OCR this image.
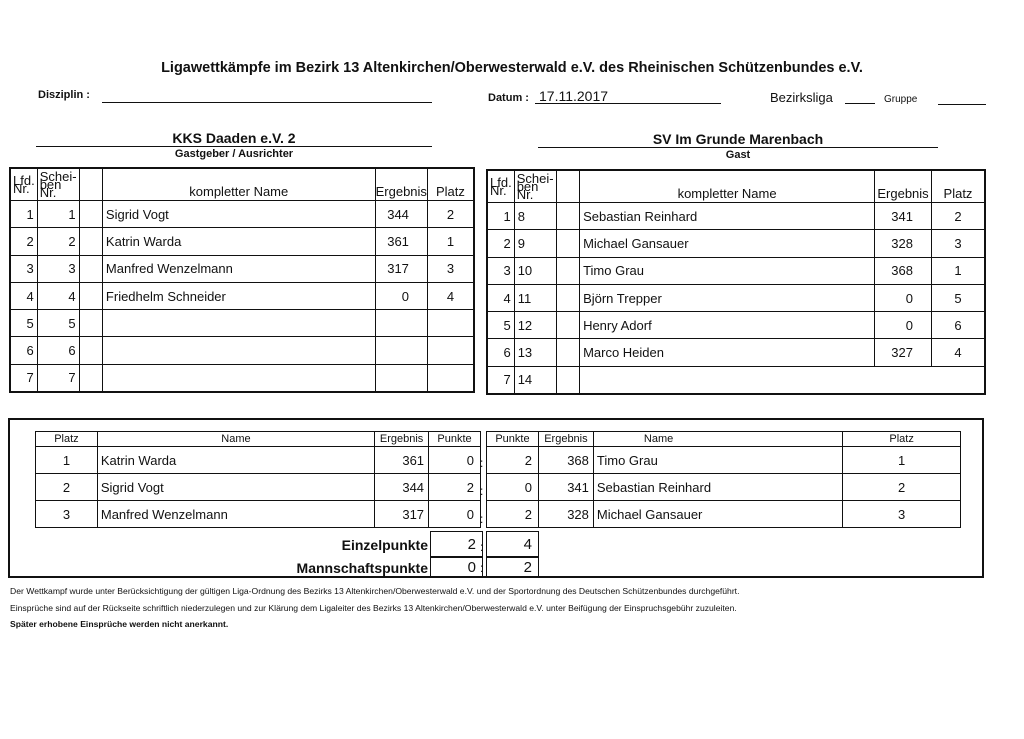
Ligawettkämpfe im Bezirk 13 Altenkirchen/Oberwesterwald e.V. des Rheinischen Schützenbundes e.V.
Disziplin :	Datum : 17.11.2017	Bezirksliga	Gruppe
KKS Daaden e.V. 2
Gastgeber / Ausrichter
SV Im Grunde Marenbach
Gast
Lfd. Nr.	Schei- ben Nr.		kompletter Name	Ergebnis	Platz
1	1		Sigrid Vogt	344	2
2	2		Katrin Warda	361	1
3	3		Manfred Wenzelmann	317	3
4	4		Friedhelm Schneider	0	4
5	5				
6	6				
7	7				
Lfd. Nr.	Schei- ben Nr.		kompletter Name	Ergebnis	Platz
1	8		Sebastian Reinhard	341	2
2	9		Michael Gansauer	328	3
3	10		Timo Grau	368	1
4	11		Björn Trepper	0	5
5	12		Henry Adorf	0	6
6	13		Marco Heiden	327	4
7	14				
Platz	Name	Ergebnis	Punkte
1	Katrin Warda	361	0
2	Sigrid Vogt	344	2
3	Manfred Wenzelmann	317	0
:
:
:
:
:
Punkte	Ergebnis	Name	Platz
2	368	Timo Grau	1
0	341	Sebastian Reinhard	2
2	328	Michael Gansauer	3
Einzelpunkte	2	4
Mannschaftspunkte	0	2
Der Wettkampf wurde unter Berücksichtigung der gültigen Liga-Ordnung des Bezirks 13 Altenkirchen/Oberwesterwald e.V. und der Sportordnung des Deutschen Schützenbundes durchgeführt.
Einsprüche sind auf der Rückseite schriftlich niederzulegen und zur Klärung dem Ligaleiter des Bezirks 13 Altenkirchen/Oberwesterwald e.V. unter Beifügung der Einspruchsgebühr zuzuleiten.
Später erhobene Einsprüche werden nicht anerkannt.
